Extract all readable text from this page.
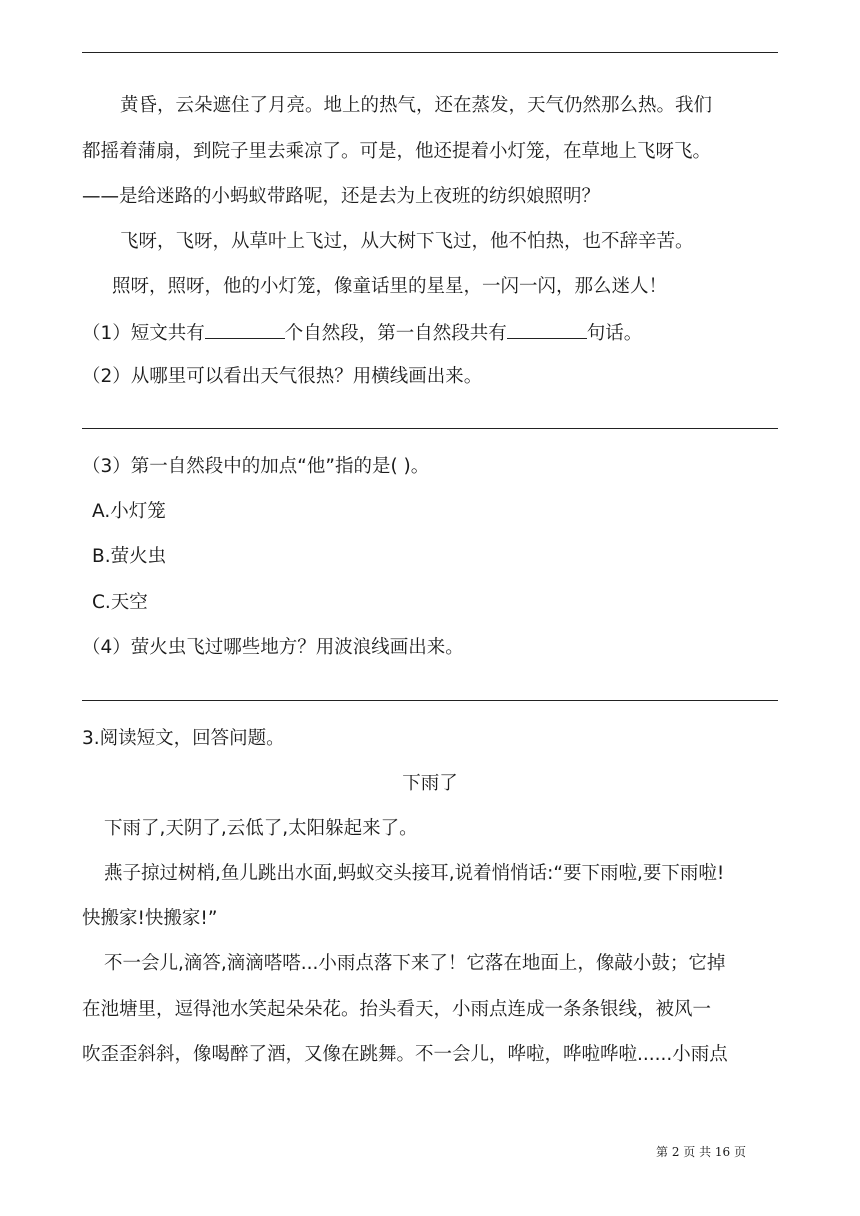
黄昏，云朵遮住了月亮。地上的热气，还在蒸发，天气仍然那么热。我们
都摇着蒲扇，到院子里去乘凉了。可是，他还提着小灯笼，在草地上飞呀飞。
——是给迷路的小蚂蚁带路呢，还是去为上夜班的纺织娘照明？
飞呀，飞呀，从草叶上飞过，从大树下飞过，他不怕热，也不辞辛苦。
照呀，照呀，他的小灯笼，像童话里的星星，一闪一闪，那么迷人！
（1）短文共有	个自然段，第一自然段共有	句话。
（2）从哪里可以看出天气很热？用横线画出来。
（3）第一自然段中的加点“他”指的是( )。
A.小灯笼
B.萤火虫
C.天空
（4）萤火虫飞过哪些地方？用波浪线画出来。
3.阅读短文，回答问题。
下雨了
下雨了,天阴了,云低了,太阳躲起来了。
燕子掠过树梢,鱼儿跳出水面,蚂蚁交头接耳,说着悄悄话:“要下雨啦,要下雨啦!
快搬家!快搬家!”
不一会儿,滴答,滴滴嗒嗒...小雨点落下来了！它落在地面上，像敲小鼓；它掉
在池塘里，逗得池水笑起朵朵花。抬头看天，小雨点连成一条条银线，被风一
吹歪歪斜斜，像喝醉了酒，又像在跳舞。不一会儿，哗啦，哗啦哗啦......小雨点
第 2 页 共 16 页
